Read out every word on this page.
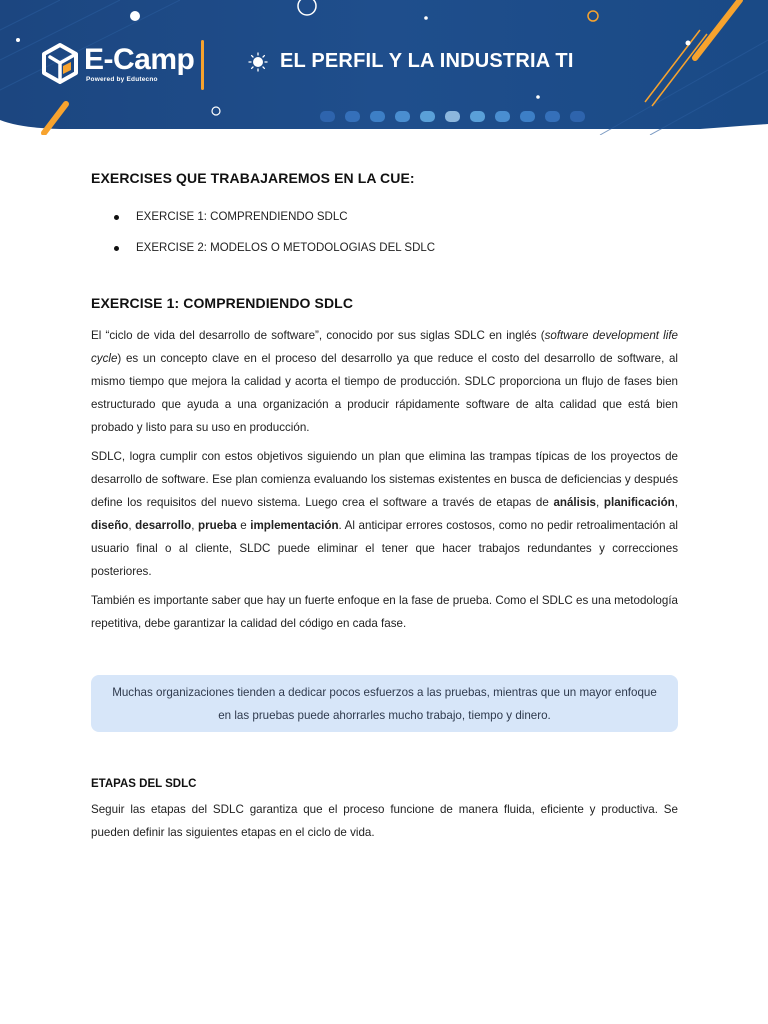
E-Camp
Powered by Edutecno
EL PERFIL Y LA INDUSTRIA TI
EXERCISES QUE TRABAJAREMOS EN LA CUE:
EXERCISE 1: COMPRENDIENDO SDLC
EXERCISE 2: MODELOS O METODOLOGIAS DEL SDLC
EXERCISE 1: COMPRENDIENDO SDLC

El “ciclo de vida del desarrollo de software”, conocido por sus siglas SDLC en inglés (software development life cycle) es un concepto clave en el proceso del desarrollo ya que reduce el costo del desarrollo de software, al mismo tiempo que mejora la calidad y acorta el tiempo de producción. SDLC proporciona un flujo de fases bien estructurado que ayuda a una organización a producir rápidamente software de alta calidad que está bien probado y listo para su uso en producción.

SDLC, logra cumplir con estos objetivos siguiendo un plan que elimina las trampas típicas de los proyectos de desarrollo de software. Ese plan comienza evaluando los sistemas existentes en busca de deficiencias y después define los requisitos del nuevo sistema. Luego crea el software a través de etapas de análisis, planificación, diseño, desarrollo, prueba e implementación. Al anticipar errores costosos, como no pedir retroalimentación al usuario final o al cliente, SLDC puede eliminar el tener que hacer trabajos redundantes y correcciones posteriores.

También es importante saber que hay un fuerte enfoque en la fase de prueba. Como el SDLC es una metodología repetitiva, debe garantizar la calidad del código en cada fase.

Muchas organizaciones tienden a dedicar pocos esfuerzos a las pruebas, mientras que un mayor enfoque en las pruebas puede ahorrarles mucho trabajo, tiempo y dinero.
ETAPAS DEL SDLC

Seguir las etapas del SDLC garantiza que el proceso funcione de manera fluida, eficiente y productiva. Se pueden definir las siguientes etapas en el ciclo de vida.
